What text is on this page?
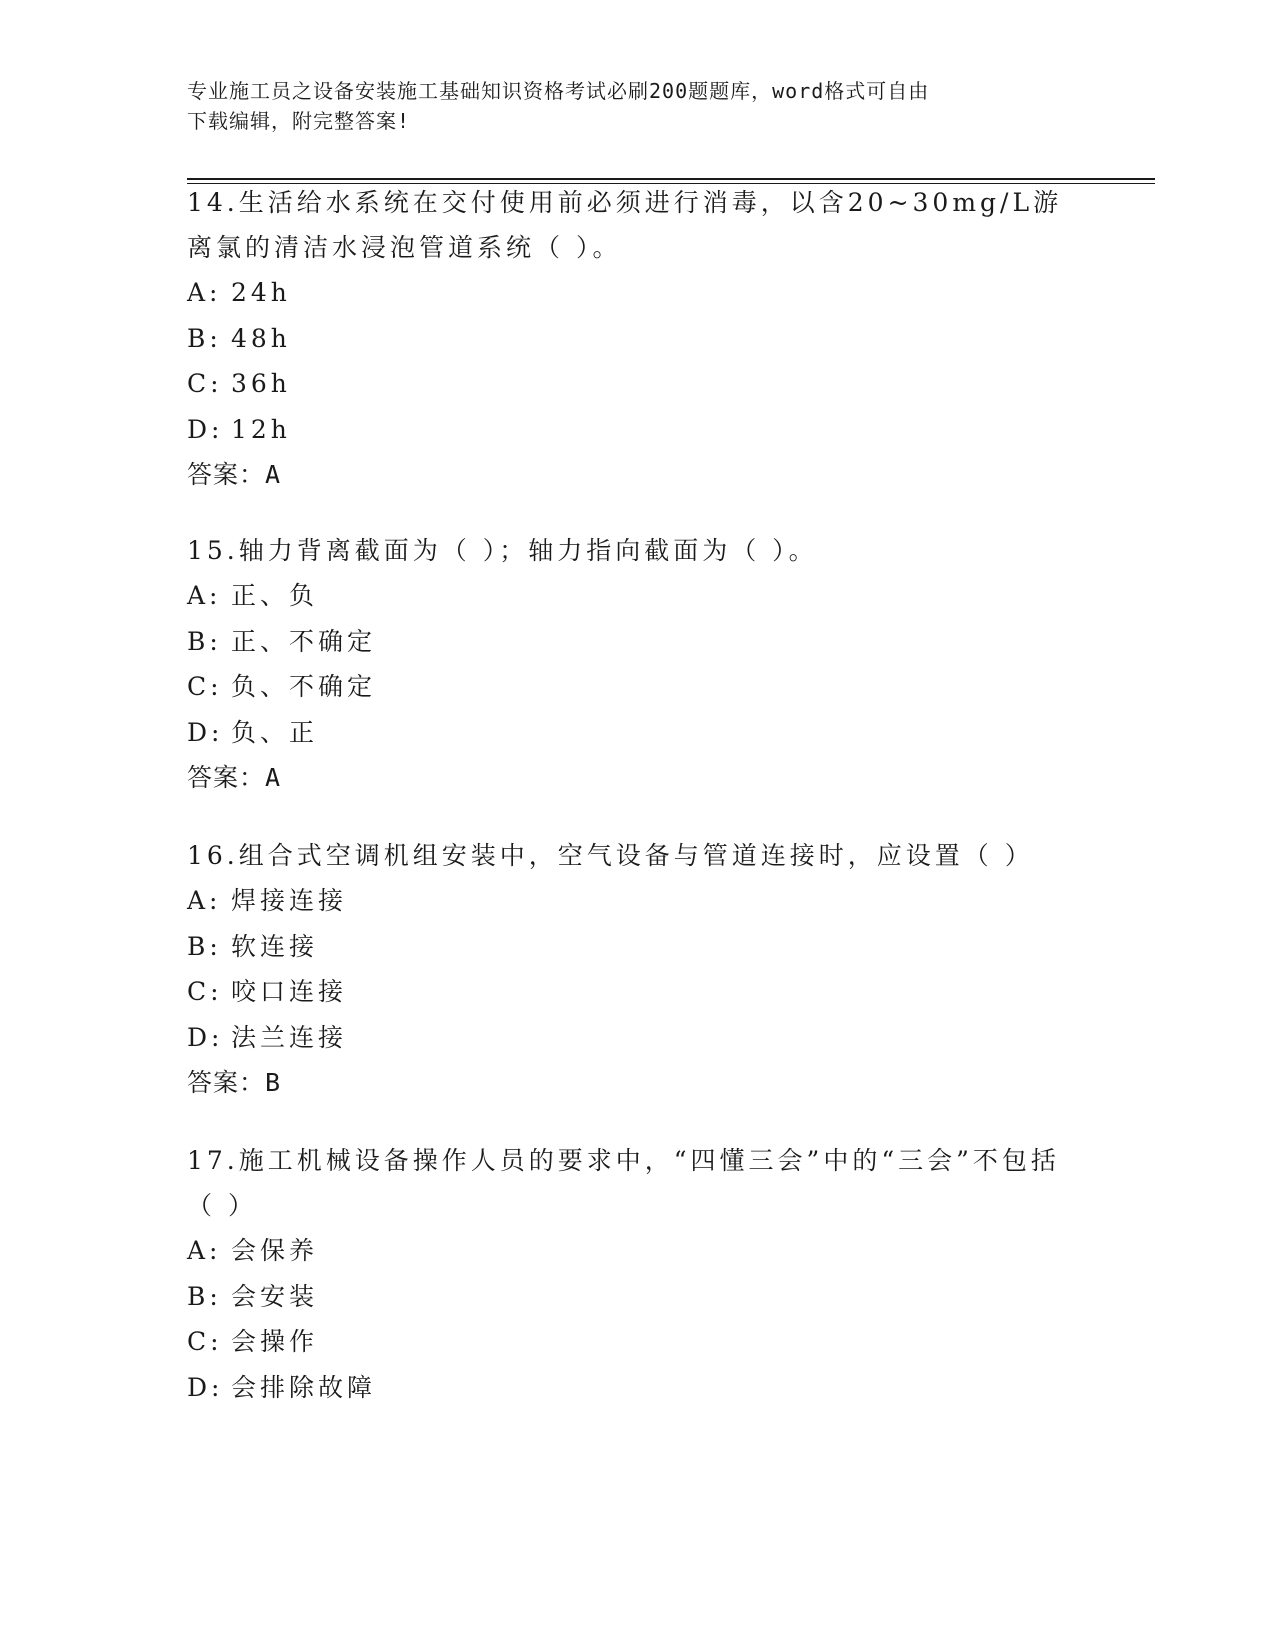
专业施工员之设备安装施工基础知识资格考试必刷200题题库，word格式可自由
下载编辑，附完整答案!

14.生活给水系统在交付使用前必须进行消毒，以含20~30mg/L游离氯的清洁水浸泡管道系统（ ）。

A: 24h

B: 48h

C: 36h

D: 12h

答案：A

15.轴力背离截面为（ ）；轴力指向截面为（ ）。

A: 正、负

B: 正、不确定

C: 负、不确定

D: 负、正

答案：A

16.组合式空调机组安装中，空气设备与管道连接时，应设置（ ）

A: 焊接连接

B: 软连接

C: 咬口连接

D: 法兰连接

答案：B

17.施工机械设备操作人员的要求中，“四懂三会”中的“三会”不包括（ ）

A: 会保养

B: 会安装

C: 会操作

D: 会排除故障
